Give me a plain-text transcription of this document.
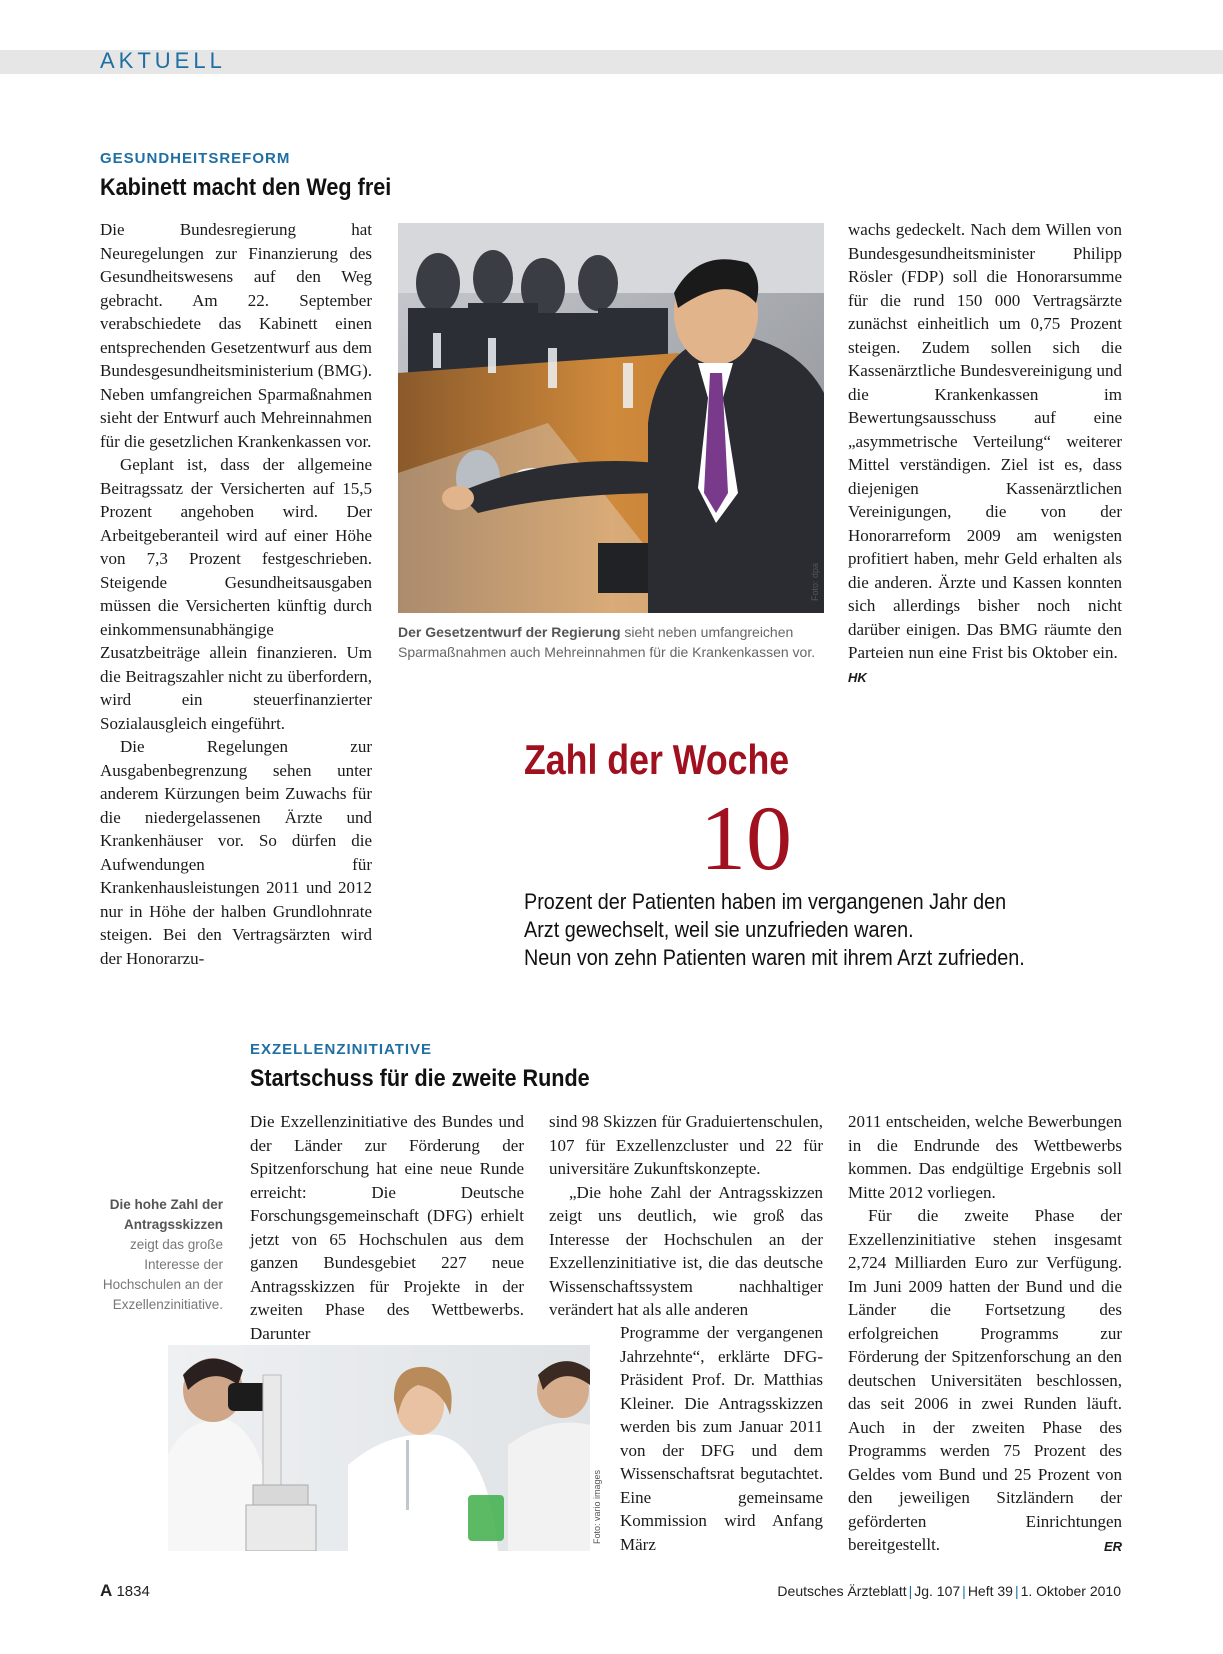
AKTUELL
GESUNDHEITSREFORM
Kabinett macht den Weg frei

Die Bundesregierung hat Neuregelungen zur Finanzierung des Gesundheitswesens auf den Weg gebracht. Am 22. September verabschiedete das Kabinett einen entsprechenden Gesetzentwurf aus dem Bundesgesundheitsministerium (BMG). Neben umfangreichen Sparmaßnahmen sieht der Entwurf auch Mehreinnahmen für die gesetzlichen Krankenkassen vor.

Geplant ist, dass der allgemeine Beitragssatz der Versicherten auf 15,5 Prozent angehoben wird. Der Arbeitgeberanteil wird auf einer Höhe von 7,3 Prozent festgeschrieben. Steigende Gesundheitsausgaben müssen die Versicherten künftig durch einkommensunabhängige Zusatzbeiträge allein finanzieren. Um die Beitragszahler nicht zu überfordern, wird ein steuerfinanzierter Sozialausgleich eingeführt.

Die Regelungen zur Ausgabenbegrenzung sehen unter anderem Kürzungen beim Zuwachs für die niedergelassenen Ärzte und Krankenhäuser vor. So dürfen die Aufwendungen für Krankenhausleistungen 2011 und 2012 nur in Höhe der halben Grundlohnrate steigen. Bei den Vertragsärzten wird der Honorarzu-

Foto: dpa
Der Gesetzentwurf der Regierung sieht neben umfangreichen Sparmaßnahmen auch Mehreinnahmen für die Krankenkassen vor.

wachs gedeckelt. Nach dem Willen von Bundesgesundheitsminister Philipp Rösler (FDP) soll die Honorarsumme für die rund 150 000 Vertragsärzte zunächst einheitlich um 0,75 Prozent steigen. Zudem sollen sich die Kassenärztliche Bundesvereinigung und die Krankenkassen im Bewertungsausschuss auf eine „asymmetrische Verteilung“ weiterer Mittel verständigen. Ziel ist es, dass diejenigen Kassenärztlichen Vereinigungen, die von der Honorarreform 2009 am wenigsten profitiert haben, mehr Geld erhalten als die anderen. Ärzte und Kassen konnten sich allerdings bisher noch nicht darüber einigen. Das BMG räumte den Parteien nun eine Frist bis Oktober ein.  HK

Zahl der Woche
10
Prozent der Patienten haben im vergangenen Jahr den
Arzt gewechselt, weil sie unzufrieden waren.
Neun von zehn Patienten waren mit ihrem Arzt zufrieden.
EXZELLENZINITIATIVE
Startschuss für die zweite Runde
Die hohe Zahl der Antragsskizzen
zeigt das große Interesse der Hochschulen an der Exzellenzinitiative.

Die Exzellenzinitiative des Bundes und der Länder zur Förderung der Spitzenforschung hat eine neue Runde erreicht: Die Deutsche Forschungsgemeinschaft (DFG) erhielt jetzt von 65 Hochschulen aus dem ganzen Bundesgebiet 227 neue Antragsskizzen für Projekte in der zweiten Phase des Wettbewerbs. Darunter

sind 98 Skizzen für Graduiertenschulen, 107 für Exzellenzcluster und 22 für universitäre Zukunftskonzepte.

„Die hohe Zahl der Antragsskizzen zeigt uns deutlich, wie groß das Interesse der Hochschulen an der Exzellenzinitiative ist, die das deutsche Wissenschaftssystem nachhaltiger verändert hat als alle anderen

Programme der vergangenen Jahrzehnte“, erklärte DFG-Präsident Prof. Dr. Matthias Kleiner. Die Antragsskizzen werden bis zum Januar 2011 von der DFG und dem Wissenschaftsrat begutachtet. Eine gemeinsame Kommission wird Anfang März

Foto: vario images

2011 entscheiden, welche Bewerbungen in die Endrunde des Wettbewerbs kommen. Das endgültige Ergebnis soll Mitte 2012 vorliegen.

Für die zweite Phase der Exzellenzinitiative stehen insgesamt 2,724 Milliarden Euro zur Verfügung. Im Juni 2009 hatten der Bund und die Länder die Fortsetzung des erfolgreichen Programms zur Förderung der Spitzenforschung an den deutschen Universitäten beschlossen, das seit 2006 in zwei Runden läuft. Auch in der zweiten Phase des Programms werden 75 Prozent des Geldes vom Bund und 25 Prozent von den jeweiligen Sitzländern der geförderten Einrichtungen bereitgestellt.	ER

A 1834	Deutsches Ärzteblatt | Jg. 107 | Heft 39 | 1. Oktober 2010
